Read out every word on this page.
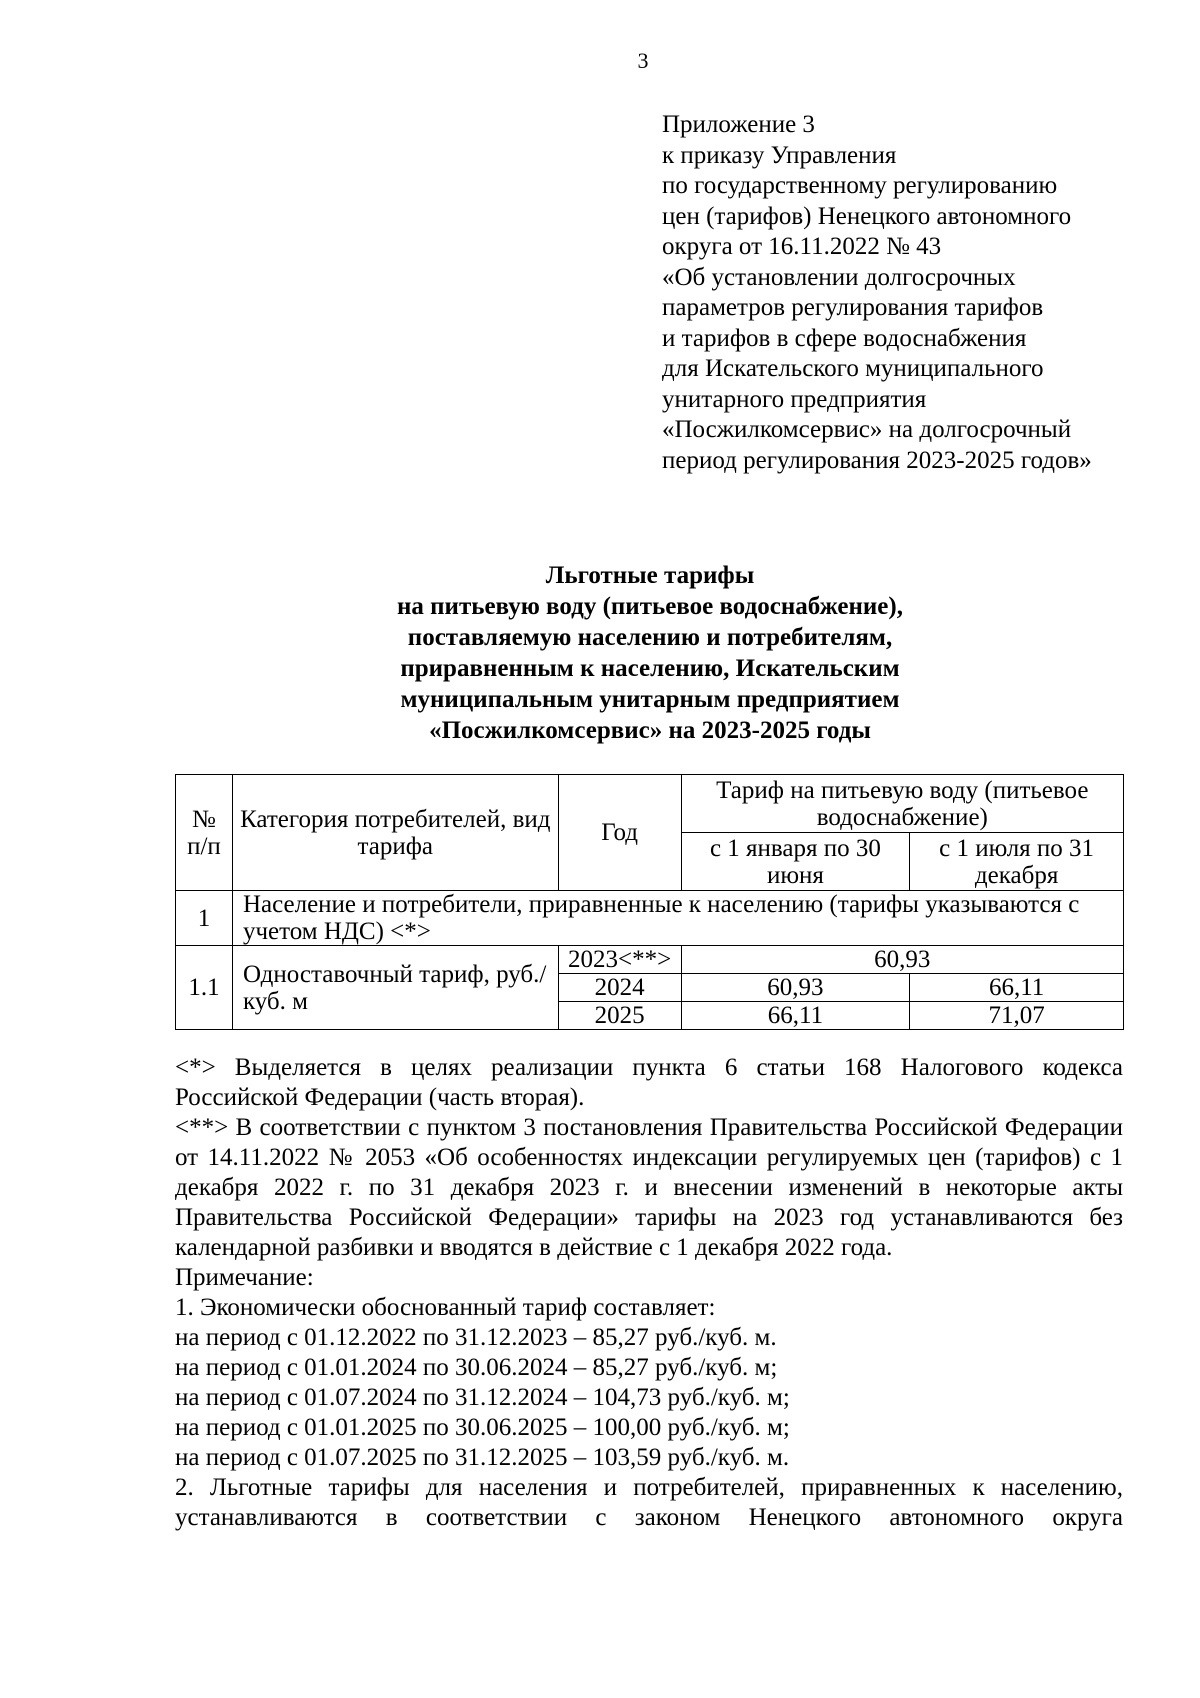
3
Приложение 3
к приказу Управления
по государственному регулированию
цен (тарифов) Ненецкого автономного
округа от 16.11.2022 № 43
«Об установлении долгосрочных
параметров регулирования тарифов
и тарифов в сфере водоснабжения
для Искательского муниципального
унитарного предприятия
«Посжилкомсервис» на долгосрочный
период регулирования 2023-2025 годов»
Льготные тарифы
на питьевую воду (питьевое водоснабжение),
поставляемую населению и потребителям,
приравненным к населению, Искательским
муниципальным унитарным предприятием
«Посжилкомсервис» на 2023-2025 годы
№ п/п	Категория потребителей, вид тарифа	Год	Тариф на питьевую воду (питьевое водоснабжение)	
			с 1 января по 30 июня	с 1 июля по 31 декабря
1	Население и потребители, приравненные к населению (тарифы указываются с учетом НДС) <*>			
1.1	Одноставочный тариф, руб./куб. м	2023<**>	60,93	
		2024	60,93	66,11
		2025	66,11	71,07

<*> Выделяется в целях реализации пункта 6 статьи 168 Налогового кодекса Российской Федерации (часть вторая).

<**> В соответствии с пунктом 3 постановления Правительства Российской Федерации от 14.11.2022 № 2053 «Об особенностях индексации регулируемых цен (тарифов) с 1 декабря 2022 г. по 31 декабря 2023 г. и внесении изменений в некоторые акты Правительства Российской Федерации» тарифы на 2023 год устанавливаются без календарной разбивки и вводятся в действие с 1 декабря 2022 года.

Примечание:

1. Экономически обоснованный тариф составляет:

на период с 01.12.2022 по 31.12.2023 – 85,27 руб./куб. м.

на период с 01.01.2024 по 30.06.2024 – 85,27 руб./куб. м;

на период с 01.07.2024 по 31.12.2024 – 104,73 руб./куб. м;

на период с 01.01.2025 по 30.06.2025 – 100,00 руб./куб. м;

на период с 01.07.2025 по 31.12.2025 – 103,59 руб./куб. м.

2. Льготные тарифы для населения и потребителей, приравненных к населению, устанавливаются в соответствии с законом Ненецкого автономного округа
